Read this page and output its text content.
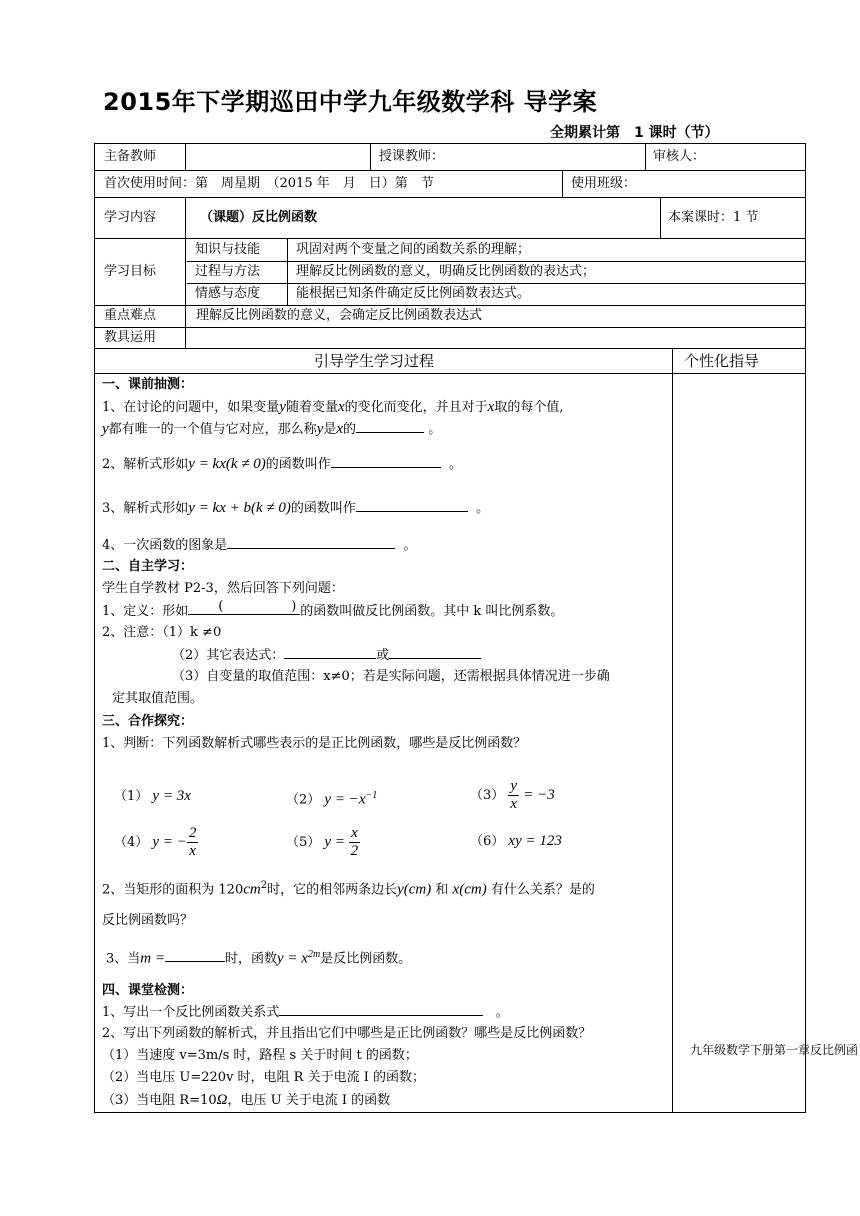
2015年下学期巡田中学九年级数学科 导学案
全期累计第　1 课时（节）
主备教师	授课教师：	审核人：
首次使用时间：第　周星期　（2015 年　月　日）第　节	使用班级：
学习内容	（课题）反比例函数	本案课时：1 节
学习目标
知识与技能	巩固对两个变量之间的函数关系的理解；
过程与方法	理解反比例函数的意义，明确反比例函数的表达式；
情感与态度	能根据已知条件确定反比例函数表达式。
重点难点	理解反比例函数的意义，会确定反比例函数表达式
教具运用
引导学生学习过程	个性化指导
九年级数学下册第一章反比例函
一、课前抽测：
1、在讨论的问题中，如果变量y随着变量x的变化而变化，并且对于x取的每个值,
y都有唯一的一个值与它对应，那么称y是x的	。
2、解析式形如y = kx(k ≠ 0)的函数叫作	。
3、解析式形如y = kx + b(k ≠ 0)的函数叫作	。
4、一次函数的图象是	。
二、自主学习：
学生自学教材 P2-3，然后回答下列问题：
1、定义：形如 (	) 的函数叫做反比例函数。其中 k 叫比例系数。
2、注意：（1）k ≠0
（2）其它表达式：	或
（3）自变量的取值范围：x≠0；若是实际问题，还需根据具体情况进一步确
定其取值范围。
三、合作探究：
1、判断：下列函数解析式哪些表示的是正比例函数，哪些是反比例函数？
（1） y = 3x	（2） $y = -x^{-1}$	$(3) \frac{y}{x} = -3$
（4） y = − $\frac{2}{x}$	（5） $y = \frac{x}{2}$	（6） xy = 123
2、当矩形的面积为 $120cm^2$时，它的相邻两条边长y(cm) 和 x(cm) 有什么关系？是的
反比例函数吗？
3、当m =	时，函数$y = x^{2m}$是反比例函数。
四、课堂检测：
1、写出一个反比例函数关系式	。
2、写出下列函数的解析式，并且指出它们中哪些是正比例函数？哪些是反比例函数？
（1）当速度 v=3m/s 时，路程 s 关于时间 t 的函数；
（2）当电压 U=220v 时，电阻 R 关于电流 I 的函数；
（3）当电阻 R=10Ω，电压 U 关于电流 I 的函数
